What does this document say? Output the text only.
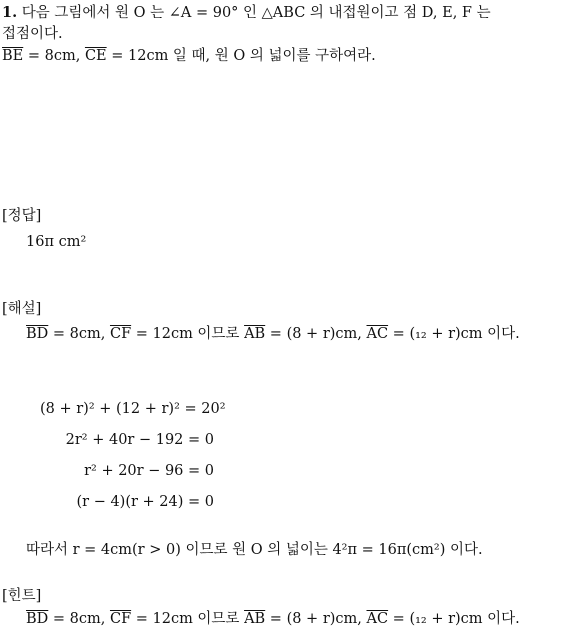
1. 다음 그림에서 원 O 는 ∠A = 90° 인 △ABC 의 내접원이고 점 D, E, F 는
접점이다.
$\overline{BE} = 8cm$, $\overline{CE} = 12cm$ 일 때, 원 O 의 넓이를 구하여라.
[정답]
16π cm²
[해설]
$\overline{BD} = 8cm$, $\overline{CF} = 12cm$ 이므로 $\overline{AB} = (8 + r)cm$, $\overline{AC} = (_{12} + r)cm$ 이다.
(8 + r)² + (12 + r)² = 20²
2r² + 40r − 192 = 0
r² + 20r − 96 = 0
(r − 4)(r + 24) = 0
따라서 r = 4cm(r > 0) 이므로 원 O 의 넓이는 4²π = 16π(cm²) 이다.
[힌트]
$\overline{BD} = 8cm$, $\overline{CF} = 12cm$ 이므로 $\overline{AB} = (8 + r)cm$, $\overline{AC} = (_{12} + r)cm$ 이다.
